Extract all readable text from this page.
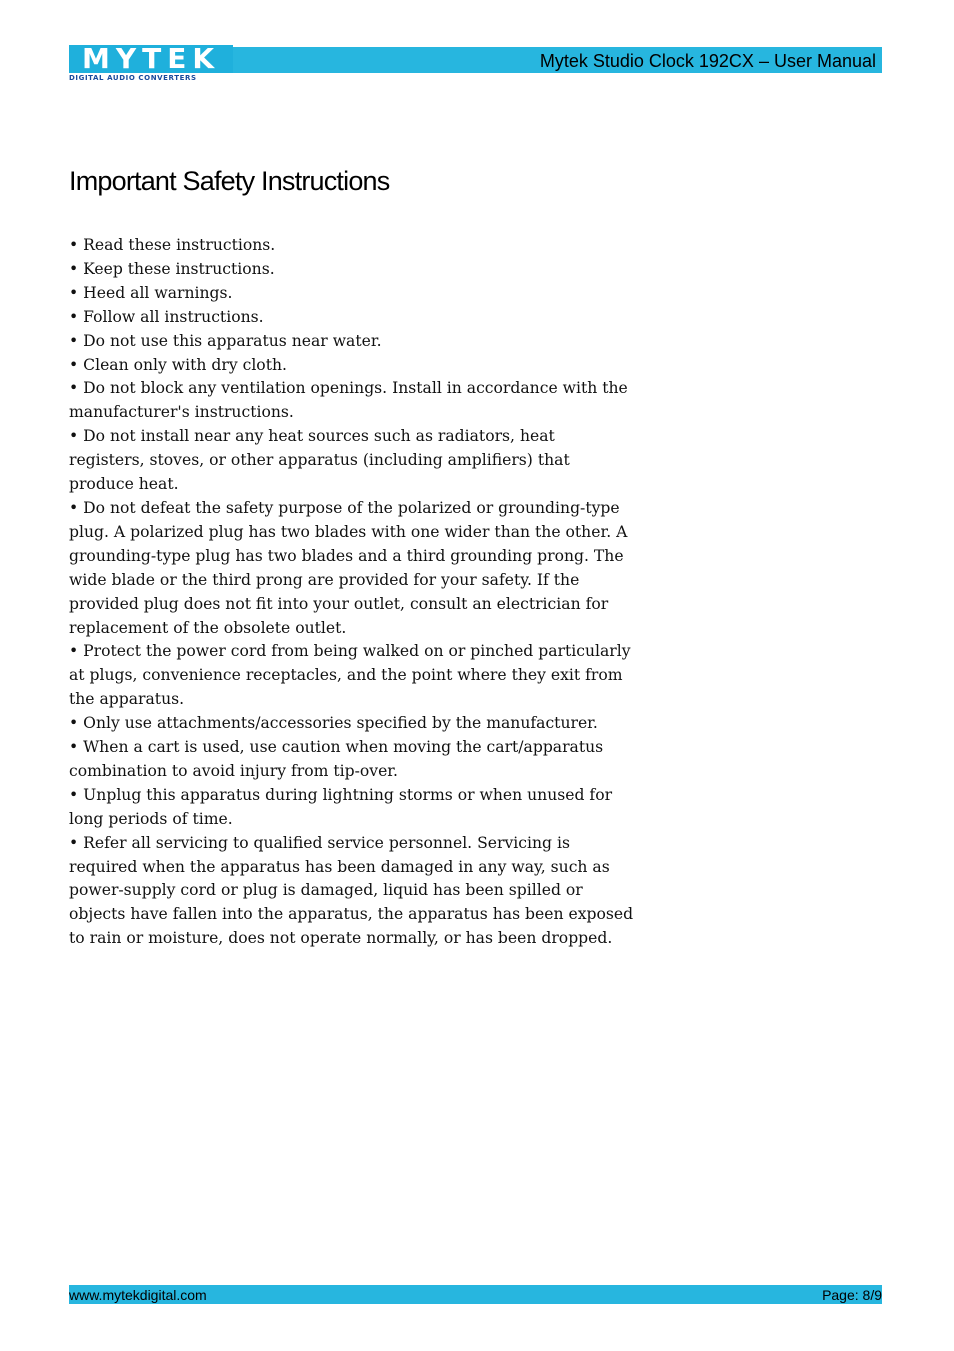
MYTEK
DIGITAL AUDIO CONVERTERS
Mytek Studio Clock 192CX – User Manual
Important Safety Instructions

• Read these instructions.

• Keep these instructions.

• Heed all warnings.

• Follow all instructions.

• Do not use this apparatus near water.

• Clean only with dry cloth.

• Do not block any ventilation openings. Install in accordance with the manufacturer's instructions.

• Do not install near any heat sources such as radiators, heat registers, stoves, or other apparatus (including amplifiers) that produce heat.

• Do not defeat the safety purpose of the polarized or grounding-type plug. A polarized plug has two blades with one wider than the other. A grounding-type plug has two blades and a third grounding prong. The wide blade or the third prong are provided for your safety. If the provided plug does not fit into your outlet, consult an electrician for replacement of the obsolete outlet.

• Protect the power cord from being walked on or pinched particularly at plugs, convenience receptacles, and the point where they exit from the apparatus.

• Only use attachments/accessories specified by the manufacturer.

• When a cart is used, use caution when moving the cart/apparatus combination to avoid injury from tip-over.

• Unplug this apparatus during lightning storms or when unused for long periods of time.

• Refer all servicing to qualified service personnel. Servicing is required when the apparatus has been damaged in any way, such as power-supply cord or plug is damaged, liquid has been spilled or objects have fallen into the apparatus, the apparatus has been exposed to rain or moisture, does not operate normally, or has been dropped.

www.mytekdigital.com	Page: 8/9
